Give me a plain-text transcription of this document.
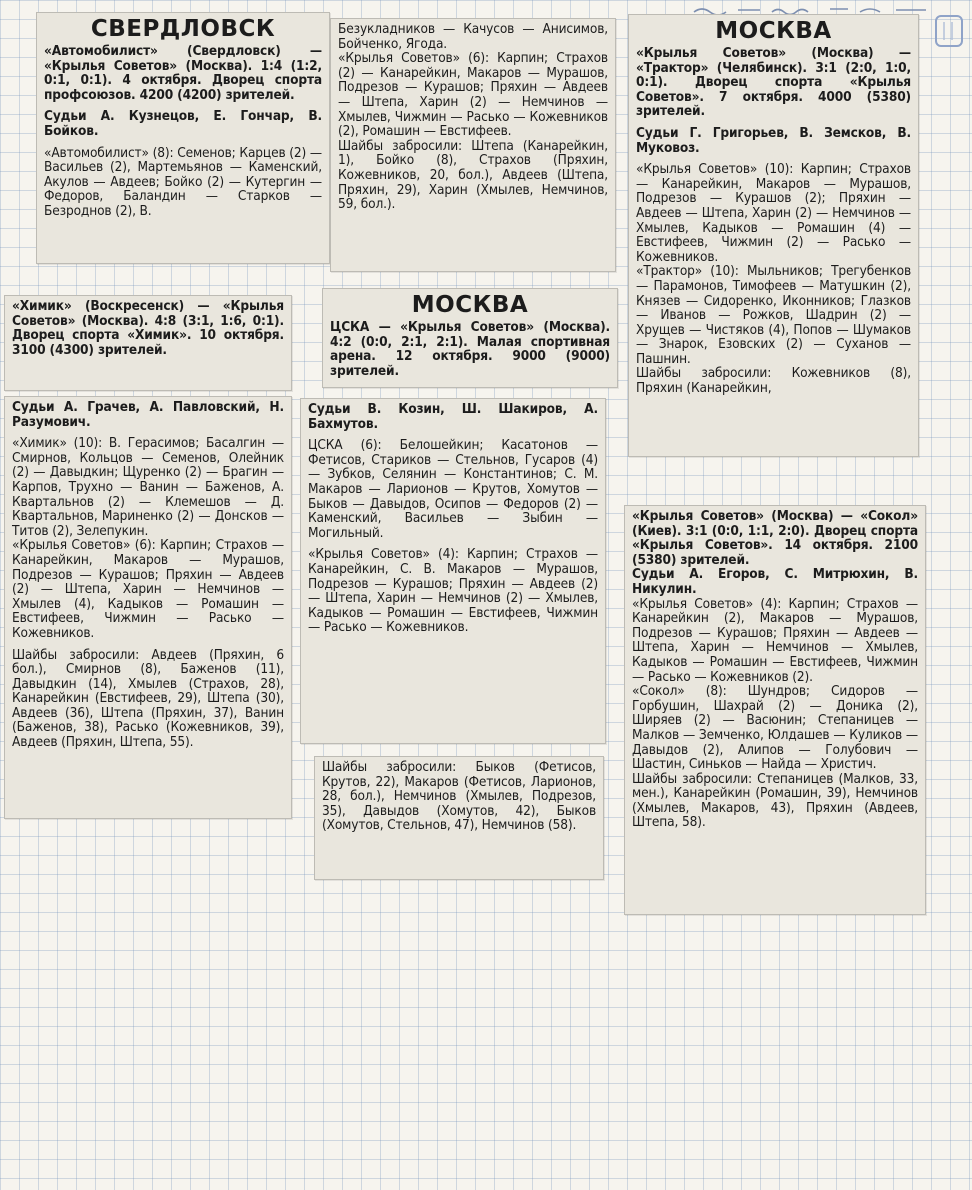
СВЕРДЛОВСК

«Автомобилист» (Свердловск) — «Крылья Советов» (Москва). 1:4 (1:2, 0:1, 0:1). 4 октября. Дворец спорта профсоюзов. 4200 (4200) зрителей.

Судьи А. Кузнецов, Е. Гончар, В. Бойков.

«Автомобилист» (8): Семенов; Карцев (2) — Васильев (2), Мартемьянов — Каменский, Акулов — Авдеев; Бойко (2) — Кутергин — Федоров, Баландин — Старков — Безроднов (2), В.

Безукладников — Качусов — Анисимов, Бойченко, Ягода.

«Крылья Советов» (6): Карпин; Страхов (2) — Канарейкин, Макаров — Мурашов, Подрезов — Курашов; Пряхин — Авдеев — Штепа, Харин (2) — Немчинов — Хмылев, Чижмин — Расько — Кожевников (2), Ромашин — Евстифеев.

Шайбы забросили: Штепа (Канарейкин, 1), Бойко (8), Страхов (Пряхин, Кожевников, 20, бол.), Авдеев (Штепа, Пряхин, 29), Харин (Хмылев, Немчинов, 59, бол.).

МОСКВА

«Крылья Советов» (Москва) — «Трактор» (Челябинск). 3:1 (2:0, 1:0, 0:1). Дворец спорта «Крылья Советов». 7 октября. 4000 (5380) зрителей.

Судьи Г. Григорьев, В. Земсков, В. Муковоз.

«Крылья Советов» (10): Карпин; Страхов — Канарейкин, Макаров — Мурашов, Подрезов — Курашов (2); Пряхин — Авдеев — Штепа, Харин (2) — Немчинов — Хмылев, Кадыков — Ромашин (4) — Евстифеев, Чижмин (2) — Расько — Кожевников.

«Трактор» (10): Мыльников; Трегубенков — Парамонов, Тимофеев — Матушкин (2), Князев — Сидоренко, Иконников; Глазков — Иванов — Рожков, Шадрин (2) — Хрущев — Чистяков (4), Попов — Шумаков — Знарок, Езовских (2) — Суханов — Пашнин.

Шайбы забросили: Кожевников (8), Пряхин (Канарейкин,

«Химик» (Воскресенск) — «Крылья Советов» (Москва). 4:8 (3:1, 1:6, 0:1). Дворец спорта «Химик». 10 октября. 3100 (4300) зрителей.

Судьи А. Грачев, А. Павловский, Н. Разумович.

«Химик» (10): В. Герасимов; Басалгин — Смирнов, Кольцов — Семенов, Олейник (2) — Давыдкин; Щуренко (2) — Брагин — Карпов, Трухно — Ванин — Баженов, А. Квартальнов (2) — Клемешов — Д. Квартальнов, Мариненко (2) — Донсков — Титов (2), Зелепукин.

«Крылья Советов» (6): Карпин; Страхов — Канарейкин, Макаров — Мурашов, Подрезов — Курашов; Пряхин — Авдеев (2) — Штепа, Харин — Немчинов — Хмылев (4), Кадыков — Ромашин — Евстифеев, Чижмин — Расько — Кожевников.

Шайбы забросили: Авдеев (Пряхин, 6 бол.), Смирнов (8), Баженов (11), Давыдкин (14), Хмылев (Страхов, 28), Канарейкин (Евстифеев, 29), Штепа (30), Авдеев (36), Штепа (Пряхин, 37), Ванин (Баженов, 38), Расько (Кожевников, 39), Авдеев (Пряхин, Штепа, 55).

МОСКВА

ЦСКА — «Крылья Советов» (Москва). 4:2 (0:0, 2:1, 2:1). Малая спортивная арена. 12 октября. 9000 (9000) зрителей.

Судьи В. Козин, Ш. Шакиров, А. Бахмутов.

ЦСКА (6): Белошейкин; Касатонов — Фетисов, Стариков — Стельнов, Гусаров (4) — Зубков, Селянин — Константинов; С. М. Макаров — Ларионов — Крутов, Хомутов — Быков — Давыдов, Осипов — Федоров (2) — Каменский, Васильев — Зыбин — Могильный.

«Крылья Советов» (4): Карпин; Страхов — Канарейкин, С. В. Макаров — Мурашов, Подрезов — Курашов; Пряхин — Авдеев (2) — Штепа, Харин — Немчинов (2) — Хмылев, Кадыков — Ромашин — Евстифеев, Чижмин — Расько — Кожевников.

Шайбы забросили: Быков (Фетисов, Крутов, 22), Макаров (Фетисов, Ларионов, 28, бол.), Немчинов (Хмылев, Подрезов, 35), Давыдов (Хомутов, 42), Быков (Хомутов, Стельнов, 47), Немчинов (58).

«Крылья Советов» (Москва) — «Сокол» (Киев). 3:1 (0:0, 1:1, 2:0). Дворец спорта «Крылья Советов». 14 октября. 2100 (5380) зрителей.

Судьи А. Егоров, С. Митрюхин, В. Никулин.

«Крылья Советов» (4): Карпин; Страхов — Канарейкин (2), Макаров — Мурашов, Подрезов — Курашов; Пряхин — Авдеев — Штепа, Харин — Немчинов — Хмылев, Кадыков — Ромашин — Евстифеев, Чижмин — Расько — Кожевников (2).

«Сокол» (8): Шундров; Сидоров — Горбушин, Шахрай (2) — Доника (2), Ширяев (2) — Васюнин; Степаницев — Малков — Земченко, Юлдашев — Куликов — Давыдов (2), Алипов — Голубович — Шастин, Синьков — Найда — Христич.

Шайбы забросили: Степаницев (Малков, 33, мен.), Канарейкин (Ромашин, 39), Немчинов (Хмылев, Макаров, 43), Пряхин (Авдеев, Штепа, 58).
